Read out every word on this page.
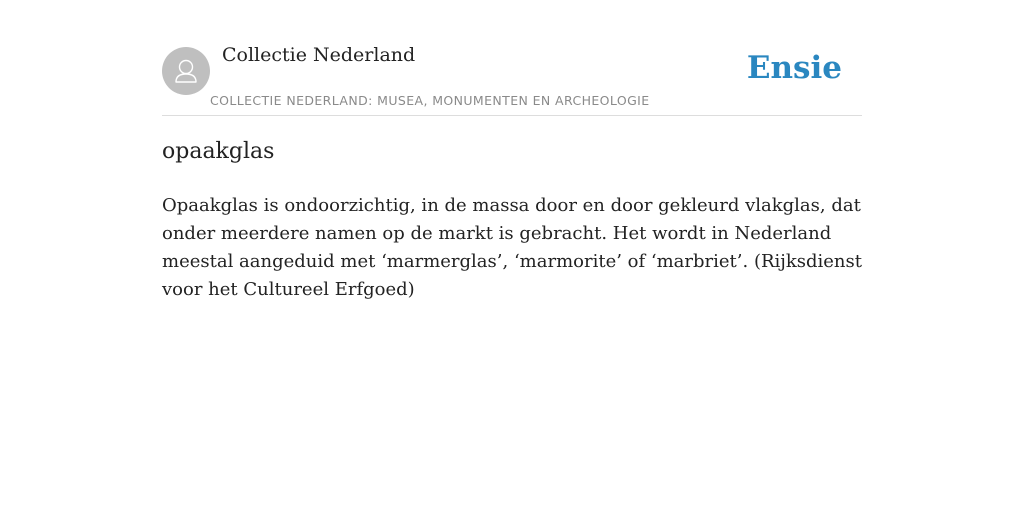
Collectie Nederland
COLLECTIE NEDERLAND: MUSEA, MONUMENTEN EN ARCHEOLOGIE
Ensie
opaakglas

Opaakglas is ondoorzichtig, in de massa door en door gekleurd vlakglas, dat onder meerdere namen op de markt is gebracht. Het wordt in Nederland meestal aangeduid met ‘marmerglas’, ‘marmorite’ of ‘marbriet’. (Rijksdienst voor het Cultureel Erfgoed)
